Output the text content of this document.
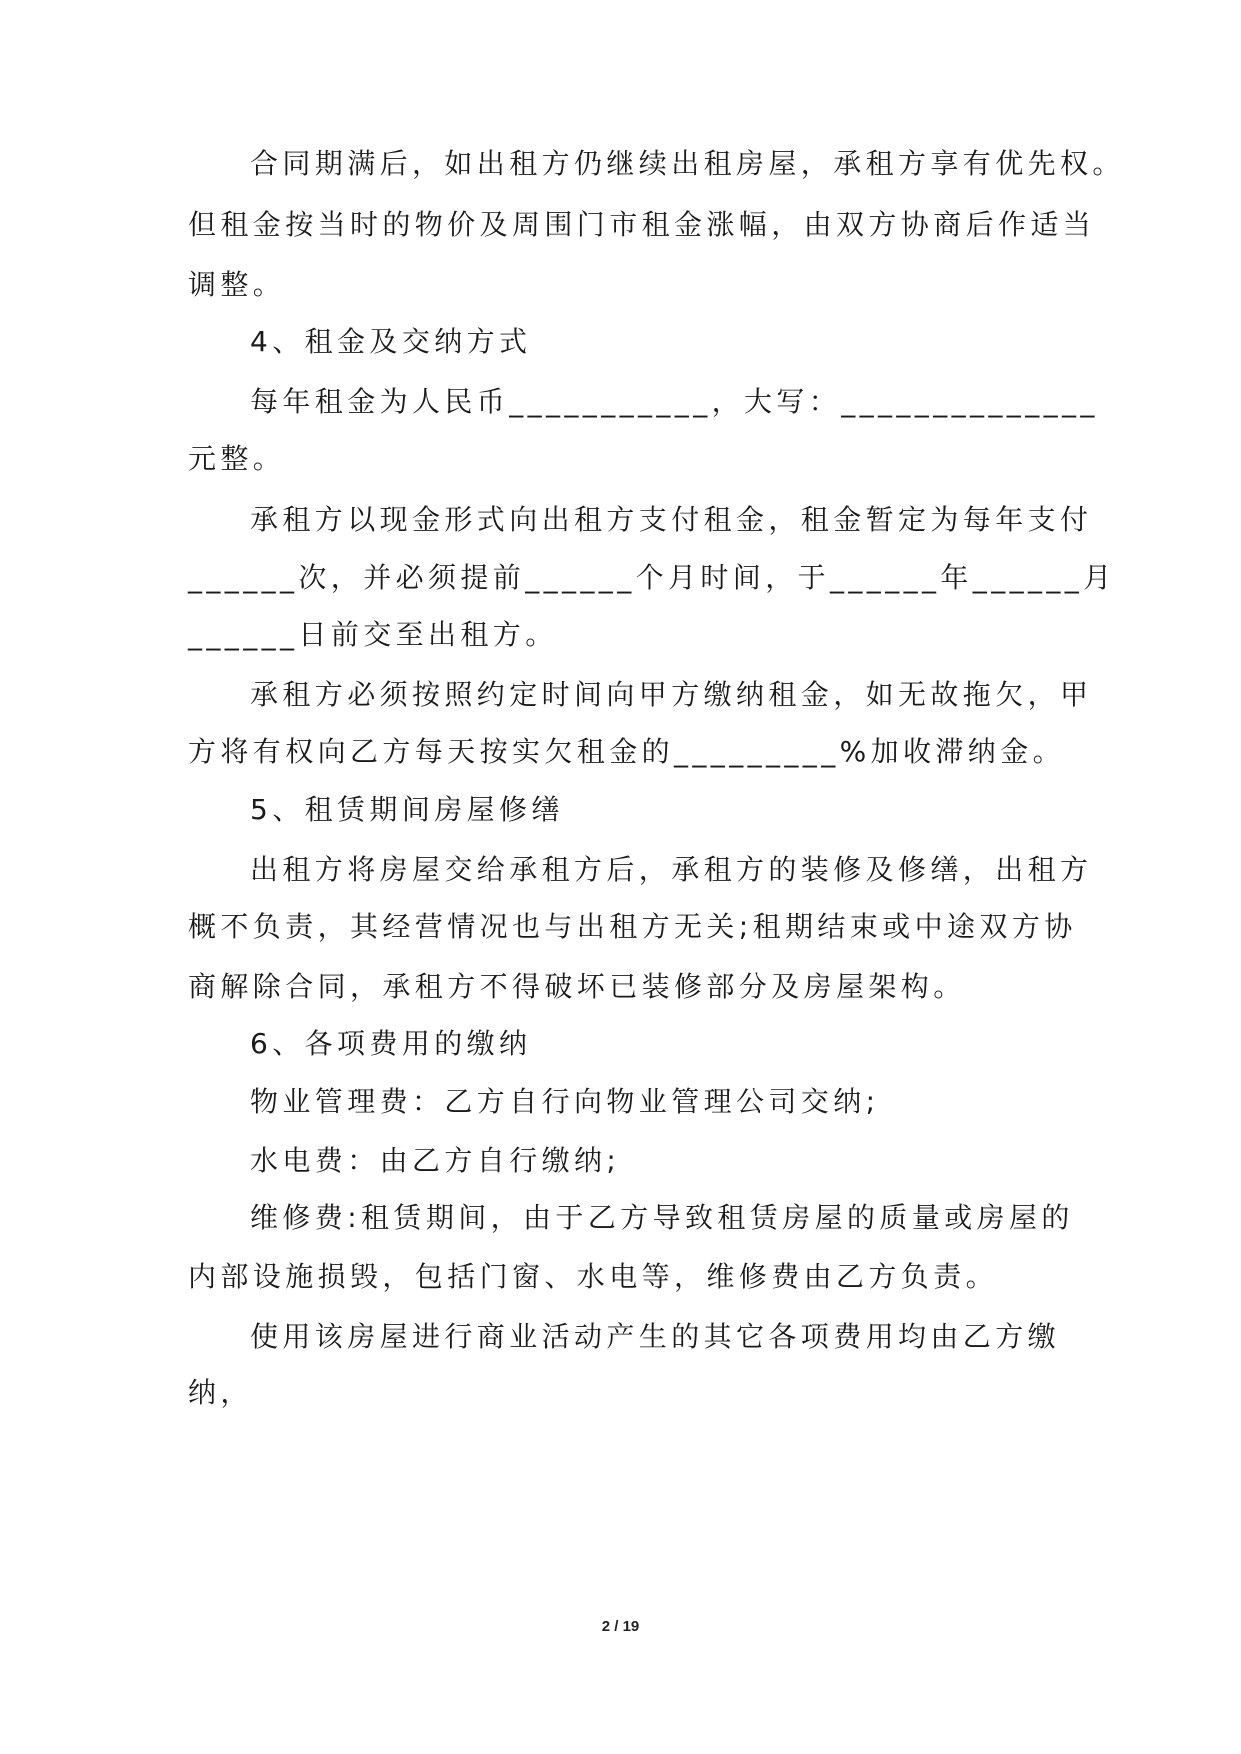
合同期满后，如出租方仍继续出租房屋，承租方享有优先权。
但租金按当时的物价及周围门市租金涨幅，由双方协商后作适当
调整。
4、租金及交纳方式
每年租金为人民币___________，大写：______________
元整。
承租方以现金形式向出租方支付租金，租金暂定为每年支付
______次，并必须提前______个月时间，于______年______月
______日前交至出租方。
承租方必须按照约定时间向甲方缴纳租金，如无故拖欠，甲
方将有权向乙方每天按实欠租金的_________%加收滞纳金。
5、租赁期间房屋修缮
出租方将房屋交给承租方后，承租方的装修及修缮，出租方
概不负责，其经营情况也与出租方无关;租期结束或中途双方协
商解除合同，承租方不得破坏已装修部分及房屋架构。
6、各项费用的缴纳
物业管理费：乙方自行向物业管理公司交纳;
水电费：由乙方自行缴纳;
维修费:租赁期间，由于乙方导致租赁房屋的质量或房屋的
内部设施损毁，包括门窗、水电等，维修费由乙方负责。
使用该房屋进行商业活动产生的其它各项费用均由乙方缴
纳，
2 / 19
